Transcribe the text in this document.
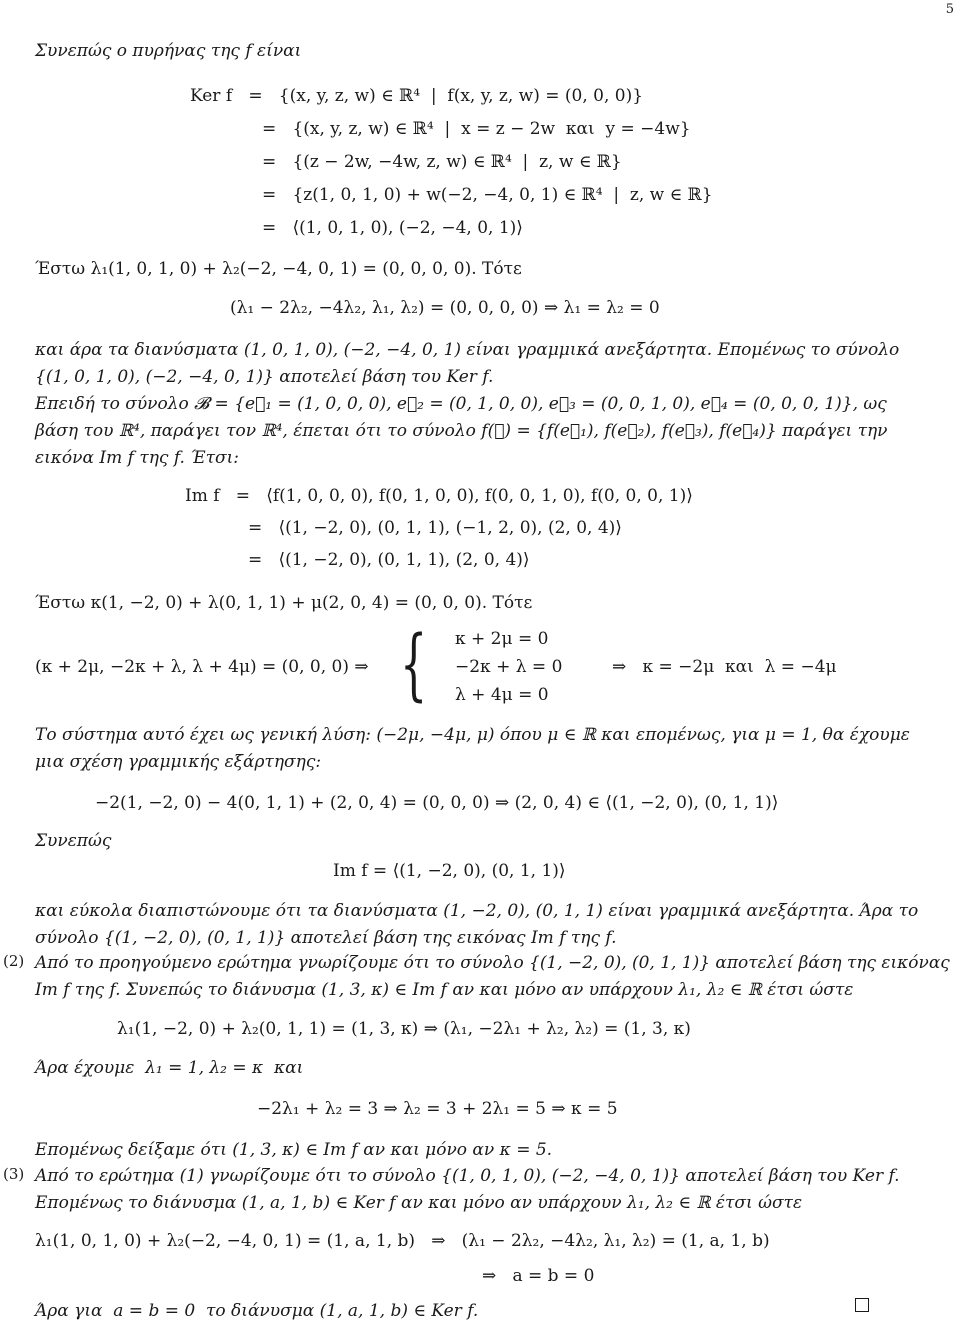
5
Συνεπώς ο πυρήνας της f είναι
Ker f   =   {(x, y, z, w) ∈ ℝ⁴  |  f(x, y, z, w) = (0, 0, 0)}
=   {(x, y, z, w) ∈ ℝ⁴  |  x = z − 2w  και  y = −4w}
=   {(z − 2w, −4w, z, w) ∈ ℝ⁴  |  z, w ∈ ℝ}
=   {z(1, 0, 1, 0) + w(−2, −4, 0, 1) ∈ ℝ⁴  |  z, w ∈ ℝ}
=   ⟨(1, 0, 1, 0), (−2, −4, 0, 1)⟩
Έστω λ₁(1, 0, 1, 0) + λ₂(−2, −4, 0, 1) = (0, 0, 0, 0). Τότε
(λ₁ − 2λ₂, −4λ₂, λ₁, λ₂) = (0, 0, 0, 0) ⇒ λ₁ = λ₂ = 0
και άρα τα διανύσματα (1, 0, 1, 0), (−2, −4, 0, 1) είναι γραμμικά ανεξάρτητα. Επομένως το σύνολο
{(1, 0, 1, 0), (−2, −4, 0, 1)} αποτελεί βάση του Ker f.
Επειδή το σύνολο 𝓑 = {e⃗₁ = (1, 0, 0, 0), e⃗₂ = (0, 1, 0, 0), e⃗₃ = (0, 0, 1, 0), e⃗₄ = (0, 0, 0, 1)}, ως
βάση του ℝ⁴, παράγει τον ℝ⁴, έπεται ότι το σύνολο f(𝓑) = {f(e⃗₁), f(e⃗₂), f(e⃗₃), f(e⃗₄)} παράγει την
εικόνα Im f της f. Έτσι:
Im f   =   ⟨f(1, 0, 0, 0), f(0, 1, 0, 0), f(0, 0, 1, 0), f(0, 0, 0, 1)⟩
=   ⟨(1, −2, 0), (0, 1, 1), (−1, 2, 0), (2, 0, 4)⟩
=   ⟨(1, −2, 0), (0, 1, 1), (2, 0, 4)⟩
Έστω κ(1, −2, 0) + λ(0, 1, 1) + μ(2, 0, 4) = (0, 0, 0). Τότε
(κ + 2μ, −2κ + λ, λ + 4μ) = (0, 0, 0) ⇒ { κ + 2μ = 0
−2κ + λ = 0
λ + 4μ = 0
⇒   κ = −2μ  και  λ = −4μ
Το σύστημα αυτό έχει ως γενική λύση: (−2μ, −4μ, μ) όπου μ ∈ ℝ και επομένως, για μ = 1, θα έχουμε
μια σχέση γραμμικής εξάρτησης:
−2(1, −2, 0) − 4(0, 1, 1) + (2, 0, 4) = (0, 0, 0) ⇒ (2, 0, 4) ∈ ⟨(1, −2, 0), (0, 1, 1)⟩
Συνεπώς
Im f = ⟨(1, −2, 0), (0, 1, 1)⟩
και εύκολα διαπιστώνουμε ότι τα διανύσματα (1, −2, 0), (0, 1, 1) είναι γραμμικά ανεξάρτητα. Άρα το
σύνολο {(1, −2, 0), (0, 1, 1)} αποτελεί βάση της εικόνας Im f της f.
(2) Από το προηγούμενο ερώτημα γνωρίζουμε ότι το σύνολο {(1, −2, 0), (0, 1, 1)} αποτελεί βάση της εικόνας
Im f της f. Συνεπώς το διάνυσμα (1, 3, κ) ∈ Im f αν και μόνο αν υπάρχουν λ₁, λ₂ ∈ ℝ έτσι ώστε
λ₁(1, −2, 0) + λ₂(0, 1, 1) = (1, 3, κ) ⇒ (λ₁, −2λ₁ + λ₂, λ₂) = (1, 3, κ)
Άρα έχουμε  λ₁ = 1, λ₂ = κ  και
−2λ₁ + λ₂ = 3 ⇒ λ₂ = 3 + 2λ₁ = 5 ⇒ κ = 5
Επομένως δείξαμε ότι (1, 3, κ) ∈ Im f αν και μόνο αν κ = 5.
(3) Από το ερώτημα (1) γνωρίζουμε ότι το σύνολο {(1, 0, 1, 0), (−2, −4, 0, 1)} αποτελεί βάση του Ker f.
Επομένως το διάνυσμα (1, a, 1, b) ∈ Ker f αν και μόνο αν υπάρχουν λ₁, λ₂ ∈ ℝ έτσι ώστε
λ₁(1, 0, 1, 0) + λ₂(−2, −4, 0, 1) = (1, a, 1, b)   ⇒   (λ₁ − 2λ₂, −4λ₂, λ₁, λ₂) = (1, a, 1, b)
⇒   a = b = 0
Άρα για  a = b = 0  το διάνυσμα (1, a, 1, b) ∈ Ker f.
